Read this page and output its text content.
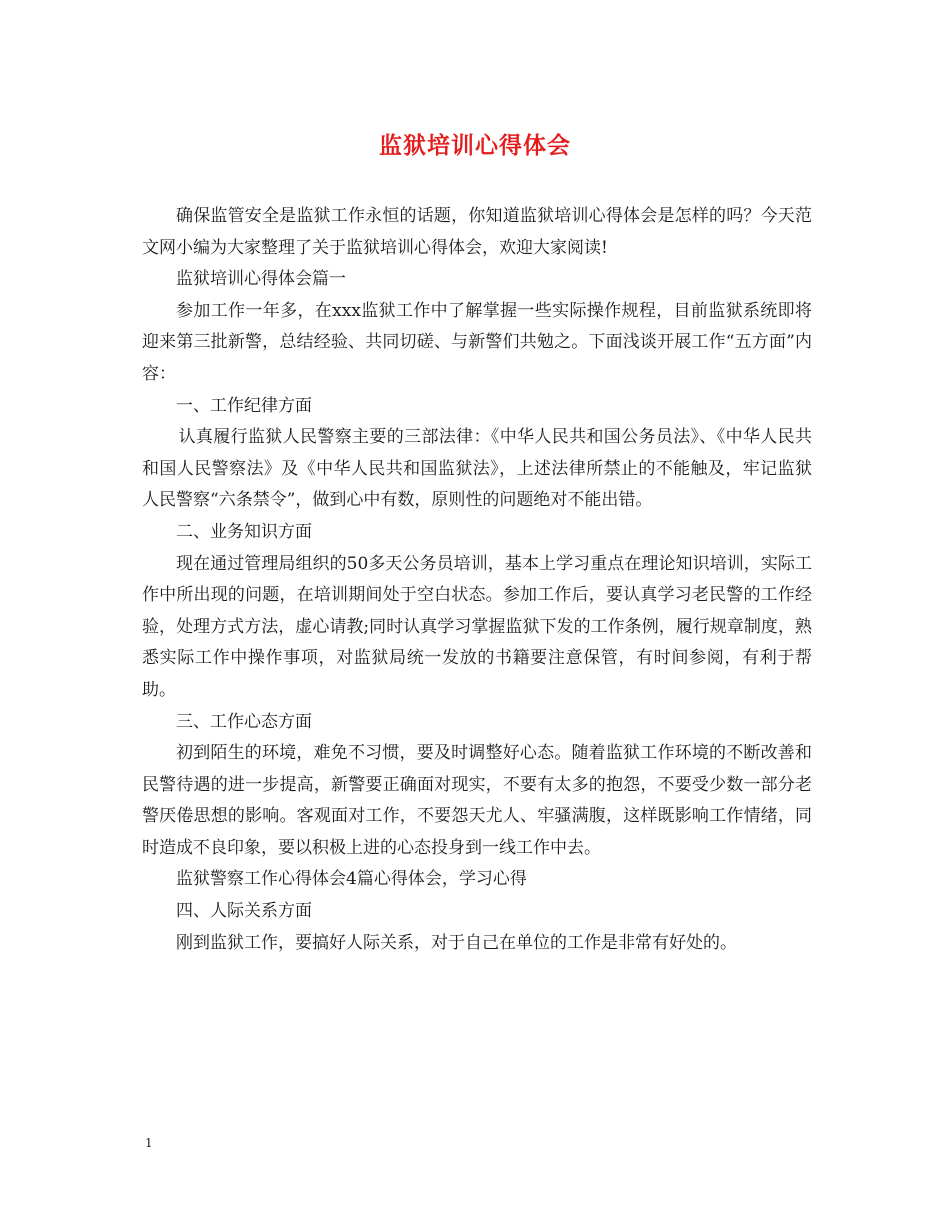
监狱培训心得体会

确保监管安全是监狱工作永恒的话题，你知道监狱培训心得体会是怎样的吗？今天范文网小编为大家整理了关于监狱培训心得体会，欢迎大家阅读!

监狱培训心得体会篇一

参加工作一年多，在xxx监狱工作中了解掌握一些实际操作规程，目前监狱系统即将迎来第三批新警，总结经验、共同切磋、与新警们共勉之。下面浅谈开展工作“五方面”内容：

一、工作纪律方面

认真履行监狱人民警察主要的三部法律：《中华人民共和国公务员法》、《中华人民共和国人民警察法》及《中华人民共和国监狱法》，上述法律所禁止的不能触及，牢记监狱人民警察“六条禁令”，做到心中有数，原则性的问题绝对不能出错。

二、业务知识方面

现在通过管理局组织的50多天公务员培训，基本上学习重点在理论知识培训，实际工作中所出现的问题，在培训期间处于空白状态。参加工作后，要认真学习老民警的工作经验，处理方式方法，虚心请教;同时认真学习掌握监狱下发的工作条例，履行规章制度，熟悉实际工作中操作事项，对监狱局统一发放的书籍要注意保管，有时间参阅，有利于帮助。

三、工作心态方面

初到陌生的环境，难免不习惯，要及时调整好心态。随着监狱工作环境的不断改善和民警待遇的进一步提高，新警要正确面对现实，不要有太多的抱怨，不要受少数一部分老警厌倦思想的影响。客观面对工作，不要怨天尤人、牢骚满腹，这样既影响工作情绪，同时造成不良印象，要以积极上进的心态投身到一线工作中去。

监狱警察工作心得体会4篇心得体会，学习心得

四、人际关系方面

刚到监狱工作，要搞好人际关系，对于自己在单位的工作是非常有好处的。

1
